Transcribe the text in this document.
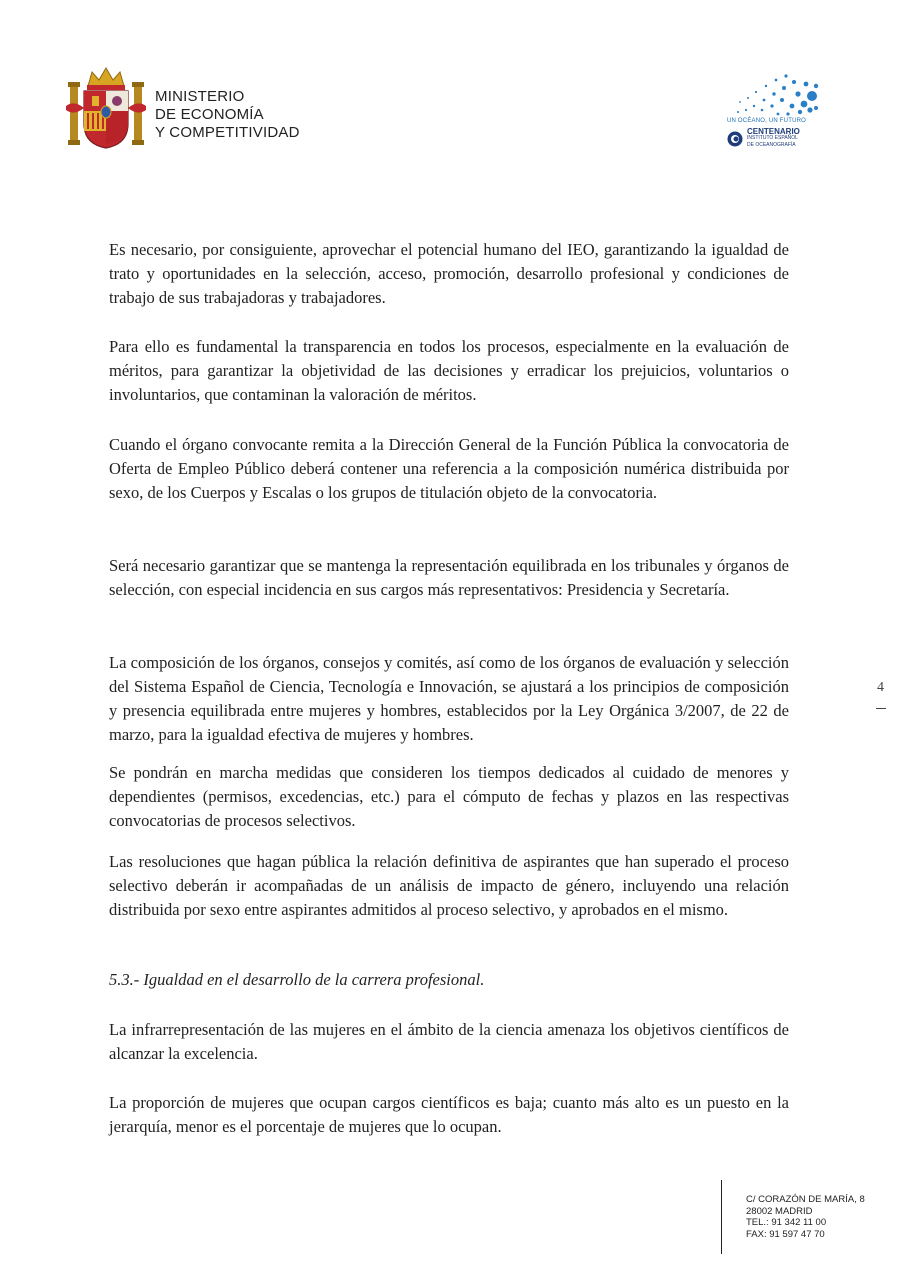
MINISTERIO
DE ECONOMÍA
Y COMPETITIVIDAD
UN OCÉANO, UN FUTURO
CENTENARIO
INSTITUTO ESPAÑOL
DE OCEANOGRAFÍA

Es necesario, por consiguiente, aprovechar el potencial humano del IEO, garantizando la igualdad de trato y oportunidades en la selección, acceso, promoción, desarrollo profesional y condiciones de trabajo de sus trabajadoras y trabajadores.

Para ello es fundamental la transparencia en todos los procesos, especialmente en la evaluación de méritos, para garantizar la objetividad de las decisiones y erradicar los prejuicios, voluntarios o involuntarios, que contaminan la valoración de méritos.

Cuando el órgano convocante remita a la Dirección General de la Función Pública la convocatoria de Oferta de Empleo Público deberá contener una referencia a la composición numérica distribuida por sexo, de los Cuerpos y Escalas o los grupos de titulación objeto de la convocatoria.

Será necesario garantizar que se mantenga la representación equilibrada en los tribunales y órganos de selección, con especial incidencia en sus cargos más representativos: Presidencia y Secretaría.

La composición de los órganos, consejos y comités, así como de los órganos de evaluación y selección del Sistema Español de Ciencia, Tecnología e Innovación, se ajustará a los principios de composición y presencia equilibrada entre mujeres y hombres, establecidos por la Ley Orgánica 3/2007, de 22 de marzo, para la igualdad efectiva de mujeres y hombres.

Se pondrán en marcha medidas que consideren los tiempos dedicados al cuidado de menores y dependientes (permisos, excedencias, etc.) para el cómputo de fechas y plazos en las respectivas convocatorias de procesos selectivos.

Las resoluciones que hagan pública la relación definitiva de aspirantes que han superado el proceso selectivo deberán ir acompañadas de un análisis de impacto de género, incluyendo una relación distribuida por sexo entre aspirantes admitidos al proceso selectivo, y aprobados en el mismo.

5.3.- Igualdad en el desarrollo de la carrera profesional.

La infrarrepresentación de las mujeres en el ámbito de la ciencia amenaza los objetivos científicos de alcanzar la excelencia.

La proporción de mujeres que ocupan cargos científicos es baja; cuanto más alto es un puesto en la jerarquía, menor es el porcentaje de mujeres que lo ocupan.

4
C/ CORAZÓN DE MARÍA, 8
28002 MADRID
TEL.: 91 342 11 00
FAX: 91 597 47 70
